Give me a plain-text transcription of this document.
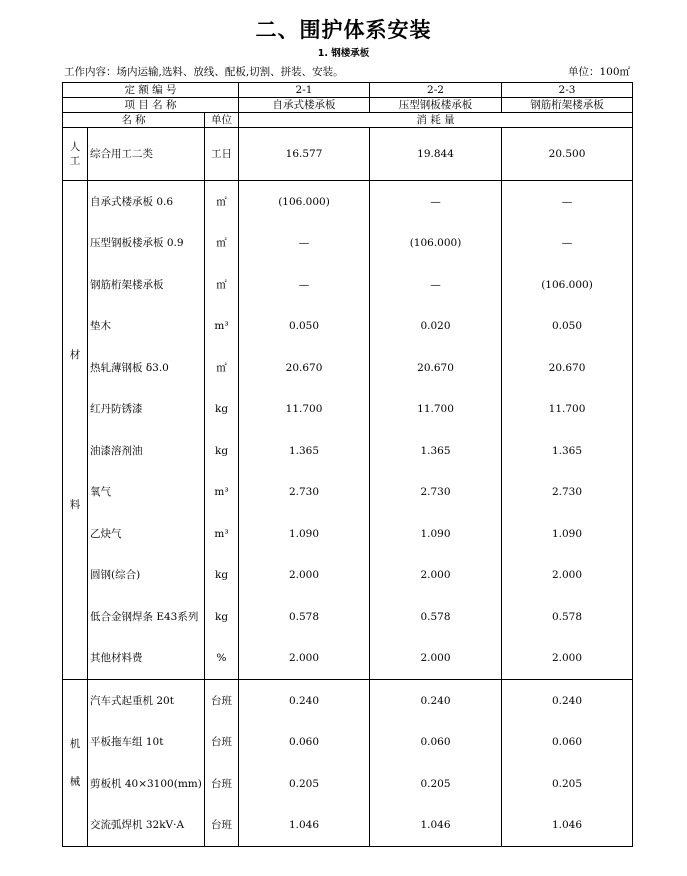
二、围护体系安装
1. 钢楼承板
工作内容：场内运输,选料、放线、配板,切割、拼装、安装。	单位：100㎡
定 额 编 号			2-1	2-2	2-3
项 目 名 称			自承式楼承板	压型钢板楼承板	钢筋桁架楼承板
名 称		单位	消 耗 量		

人
工	综合用工二类	工日	16.577	19.844	20.500

材
料	自承式楼承板 0.6	㎡	(106.000)	—	—
	压型钢板楼承板 0.9	㎡	—	(106.000)	—
	钢筋桁架楼承板	㎡	—	—	(106.000)
	垫木	m³	0.050	0.020	0.050
	热轧薄钢板 δ3.0	㎡	20.670	20.670	20.670
	红丹防锈漆	kg	11.700	11.700	11.700
	油漆溶剂油	kg	1.365	1.365	1.365
	氧气	m³	2.730	2.730	2.730
	乙炔气	m³	1.090	1.090	1.090
	圆钢(综合)	kg	2.000	2.000	2.000
	低合金钢焊条 E43系列	kg	0.578	0.578	0.578
	其他材料费	%	2.000	2.000	2.000

机
械	汽车式起重机 20t	台班	0.240	0.240	0.240
	平板拖车组 10t	台班	0.060	0.060	0.060
	剪板机 40×3100(mm)	台班	0.205	0.205	0.205
	交流弧焊机 32kV·A	台班	1.046	1.046	1.046
